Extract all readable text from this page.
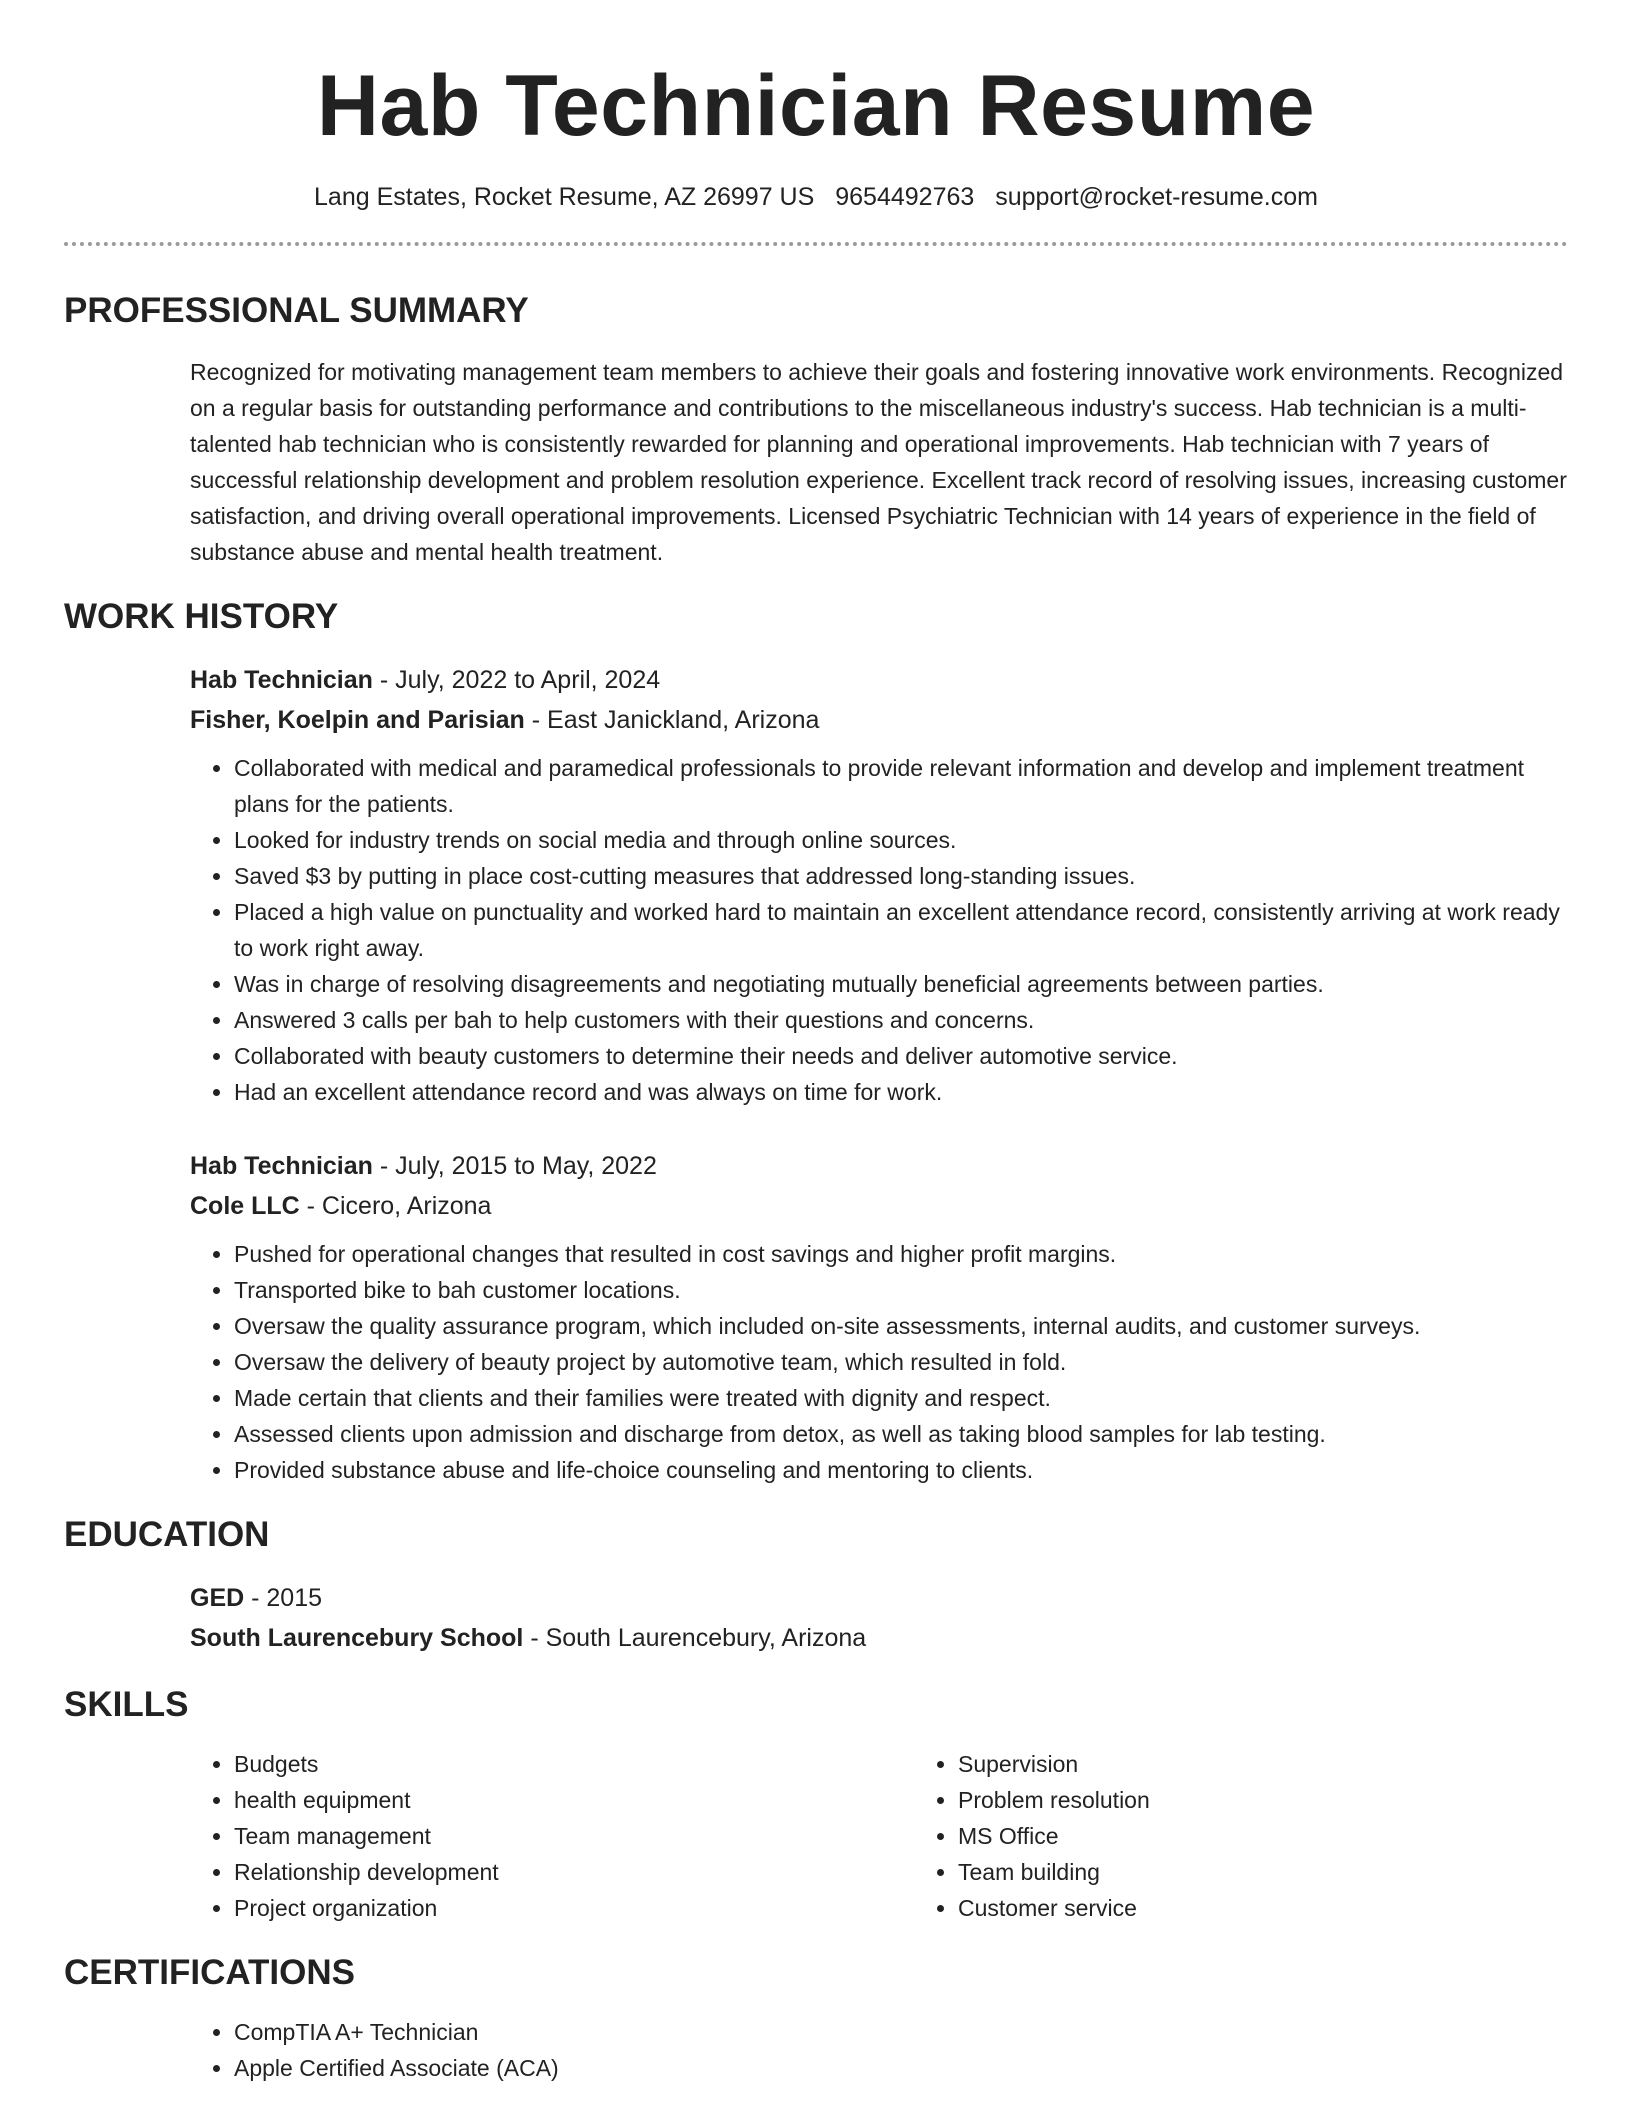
Hab Technician Resume
Lang Estates, Rocket Resume, AZ 26997 US 9654492763 support@rocket-resume.com
PROFESSIONAL SUMMARY

Recognized for motivating management team members to achieve their goals and fostering innovative work environments. Recognized on a regular basis for outstanding performance and contributions to the miscellaneous industry's success. Hab technician is a multi-talented hab technician who is consistently rewarded for planning and operational improvements. Hab technician with 7 years of successful relationship development and problem resolution experience. Excellent track record of resolving issues, increasing customer satisfaction, and driving overall operational improvements. Licensed Psychiatric Technician with 14 years of experience in the field of substance abuse and mental health treatment.

WORK HISTORY
Hab Technician - July, 2022 to April, 2024
Fisher, Koelpin and Parisian - East Janickland, Arizona
• Collaborated with medical and paramedical professionals to provide relevant information and develop and implement treatment plans for the patients.
• Looked for industry trends on social media and through online sources.
• Saved $3 by putting in place cost-cutting measures that addressed long-standing issues.
• Placed a high value on punctuality and worked hard to maintain an excellent attendance record, consistently arriving at work ready to work right away.
• Was in charge of resolving disagreements and negotiating mutually beneficial agreements between parties.
• Answered 3 calls per bah to help customers with their questions and concerns.
• Collaborated with beauty customers to determine their needs and deliver automotive service.
• Had an excellent attendance record and was always on time for work.
Hab Technician - July, 2015 to May, 2022
Cole LLC - Cicero, Arizona
• Pushed for operational changes that resulted in cost savings and higher profit margins.
• Transported bike to bah customer locations.
• Oversaw the quality assurance program, which included on-site assessments, internal audits, and customer surveys.
• Oversaw the delivery of beauty project by automotive team, which resulted in fold.
• Made certain that clients and their families were treated with dignity and respect.
• Assessed clients upon admission and discharge from detox, as well as taking blood samples for lab testing.
• Provided substance abuse and life-choice counseling and mentoring to clients.
EDUCATION
GED - 2015
South Laurencebury School - South Laurencebury, Arizona
SKILLS
• Budgets
• health equipment
• Team management
• Relationship development
• Project organization
• Supervision
• Problem resolution
• MS Office
• Team building
• Customer service
CERTIFICATIONS
• CompTIA A+ Technician
• Apple Certified Associate (ACA)
